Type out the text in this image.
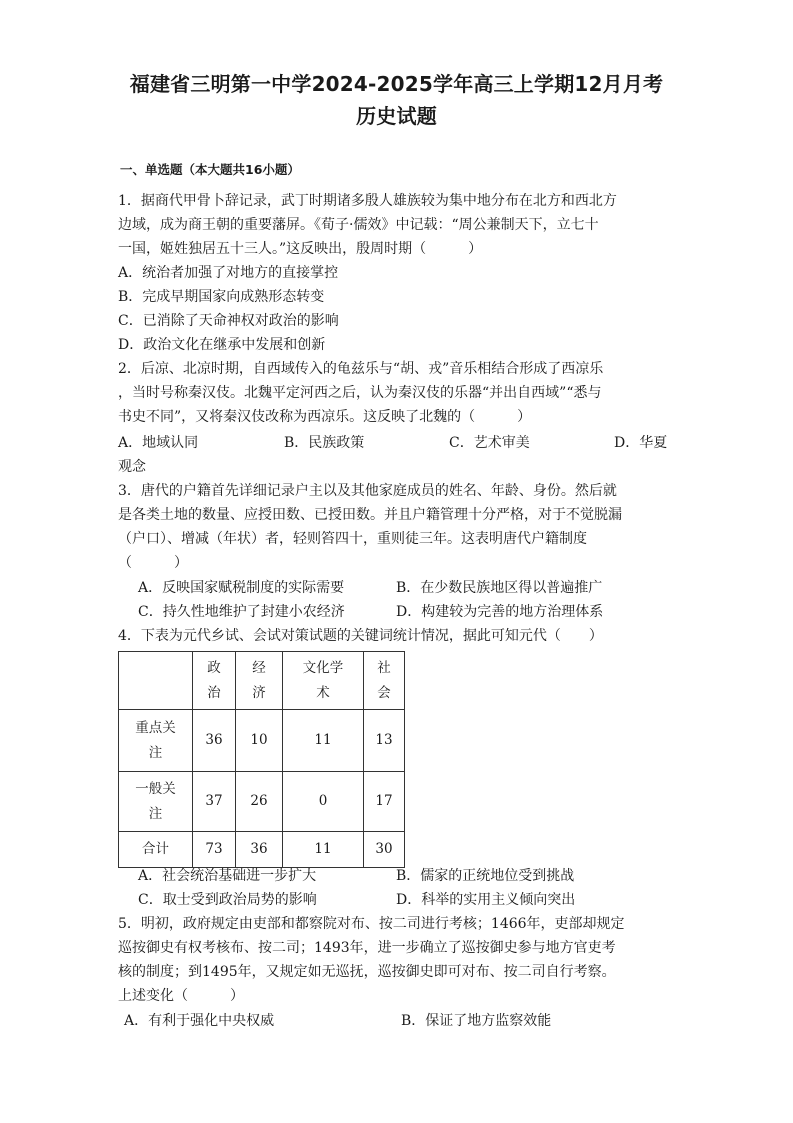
福建省三明第一中学2024-2025学年高三上学期12月月考
历史试题
一、单选题（本大题共16小题）
1．据商代甲骨卜辞记录，武丁时期诸多殷人雄族较为集中地分布在北方和西北方
边域，成为商王朝的重要藩屏。《荀子·儒效》中记载：“周公兼制天下，立七十
一国，姬姓独居五十三人。”这反映出，殷周时期（　　　）
A．统治者加强了对地方的直接掌控
B．完成早期国家向成熟形态转变
C．已消除了天命神权对政治的影响
D．政治文化在继承中发展和创新
2．后凉、北凉时期，自西域传入的龟兹乐与“胡、戎”音乐相结合形成了西凉乐
，当时号称秦汉伎。北魏平定河西之后，认为秦汉伎的乐器“并出自西域”“悉与
书史不同”，又将秦汉伎改称为西凉乐。这反映了北魏的（　　　）
A．地域认同	B．民族政策	C．艺术审美	D．华夏
观念
3．唐代的户籍首先详细记录户主以及其他家庭成员的姓名、年龄、身份。然后就
是各类土地的数量、应授田数、已授田数。并且户籍管理十分严格，对于不觉脱漏
（户口）、增减（年状）者，轻则笞四十，重则徒三年。这表明唐代户籍制度
（　　　）
A．反映国家赋税制度的实际需要	B．在少数民族地区得以普遍推广
C．持久性地维护了封建小农经济	D．构建较为完善的地方治理体系
4．下表为元代乡试、会试对策试题的关键词统计情况，据此可知元代（　　）
	政治	经济	文化学术	社会
重点关注	36	10	11	13
一般关注	37	26	0	17
合计	73	36	11	30
A．社会统治基础进一步扩大	B．儒家的正统地位受到挑战
C．取士受到政治局势的影响	D．科举的实用主义倾向突出
5．明初，政府规定由吏部和都察院对布、按二司进行考核；1466年，吏部却规定
巡按御史有权考核布、按二司；1493年，进一步确立了巡按御史参与地方官吏考
核的制度；到1495年，又规定如无巡抚，巡按御史即可对布、按二司自行考察。
上述变化（　　　）
A．有利于强化中央权威	B．保证了地方监察效能
